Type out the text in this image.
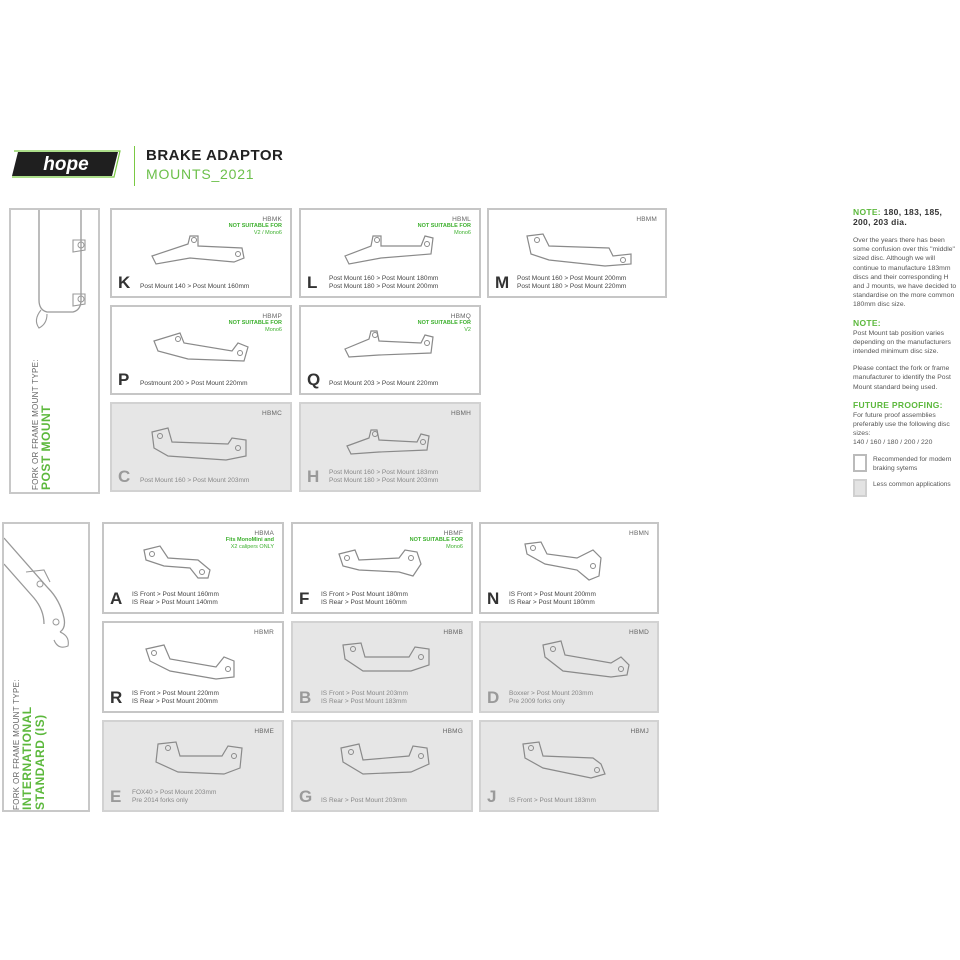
hope	BRAKE ADAPTOR
MOUNTS_2021
FORK OR FRAME MOUNT TYPE: POST MOUNT
FORK OR FRAME MOUNT TYPE: INTERNATIONAL STANDARD (IS)
HBMK
NOT SUITABLE FOR
V2 / Mono6
K Post Mount 140 > Post Mount 160mm
HBML
NOT SUITABLE FOR
Mono6
L Post Mount 160 > Post Mount 180mm
Post Mount 180 > Post Mount 200mm
HBMM
M Post Mount 160 > Post Mount 200mm
Post Mount 180 > Post Mount 220mm
HBMP
NOT SUITABLE FOR
Mono6
P Postmount 200 > Post Mount 220mm
HBMQ
NOT SUITABLE FOR
V2
Q Post Mount 203 > Post Mount 220mm
HBMC
C Post Mount 160 > Post Mount 203mm
HBMH
H Post Mount 160 > Post Mount 183mm
Post Mount 180 > Post Mount 203mm
HBMA
Fits MonoMini and
X2 calipers ONLY
A IS Front > Post Mount 160mm
IS Rear > Post Mount 140mm
HBMF
NOT SUITABLE FOR
Mono6
F IS Front > Post Mount 180mm
IS Rear > Post Mount 160mm
HBMN
N IS Front > Post Mount 200mm
IS Rear > Post Mount 180mm
HBMR
R IS Front > Post Mount 220mm
IS Rear > Post Mount 200mm
HBMB
B IS Front > Post Mount 203mm
IS Rear > Post Mount 183mm
HBMD
D Boxxer > Post Mount 203mm
Pre 2009 forks only
HBME
E FOX40 > Post Mount 203mm
Pre 2014 forks only
HBMG
G IS Rear > Post Mount 203mm
HBMJ
J IS Front > Post Mount 183mm
NOTE: 180, 183, 185, 200, 203 dia.
Over the years there has been some confusion over this "middle" sized disc. Although we will continue to manufacture 183mm discs and their corresponding H and J mounts, we have decided to standardise on the more common 180mm disc size.
NOTE:
Post Mount tab position varies depending on the manufacturers intended minimum disc size.
Please contact the fork or frame manufacturer to identify the Post Mount standard being used.
FUTURE PROOFING:
For future proof assemblies preferably use the following disc sizes:
140 / 160 / 180 / 200 / 220
Recommended for modern braking sytems
Less common applications
